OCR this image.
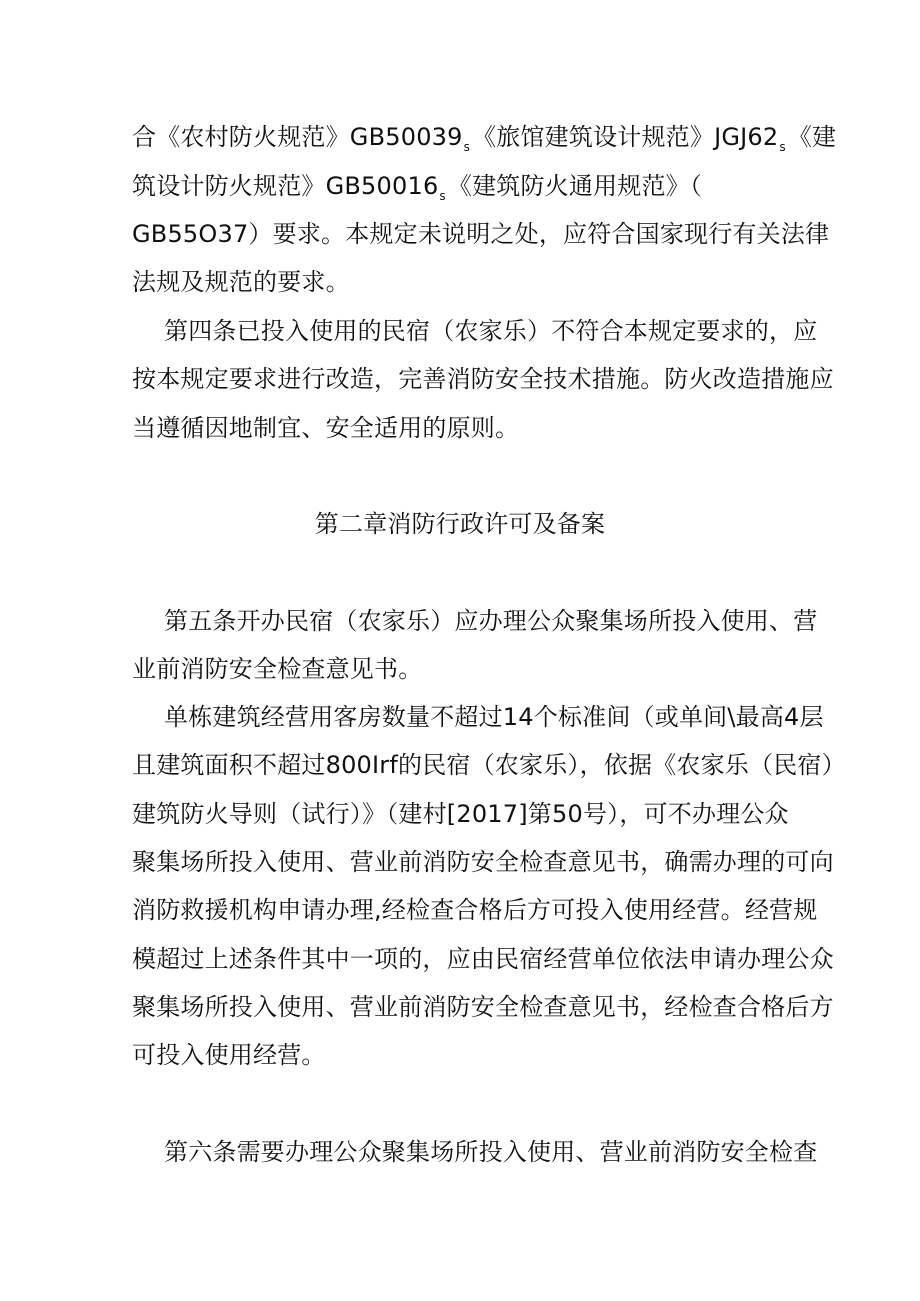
合《农村防火规范》$GB50039_s$《旅馆建筑设计规范》$JGJ62_s$《建
筑设计防火规范》$GB50016_s$《建筑防火通用规范》（
GB55O37）要求。本规定未说明之处，应符合国家现行有关法律
法规及规范的要求。
第四条已投入使用的民宿（农家乐）不符合本规定要求的，应
按本规定要求进行改造，完善消防安全技术措施。防火改造措施应
当遵循因地制宜、安全适用的原则。
第二章消防行政许可及备案
第五条开办民宿（农家乐）应办理公众聚集场所投入使用、营
业前消防安全检查意见书。
单栋建筑经营用客房数量不超过14个标准间（或单间\最高4层
且建筑面积不超过800Irf的民宿（农家乐），依据《农家乐（民宿）
建筑防火导则（试行）》（建村[2017]第50号），可不办理公众
聚集场所投入使用、营业前消防安全检查意见书，确需办理的可向
消防救援机构申请办理,经检查合格后方可投入使用经营。经营规
模超过上述条件其中一项的，应由民宿经营单位依法申请办理公众
聚集场所投入使用、营业前消防安全检查意见书，经检查合格后方
可投入使用经营。
第六条需要办理公众聚集场所投入使用、营业前消防安全检查
